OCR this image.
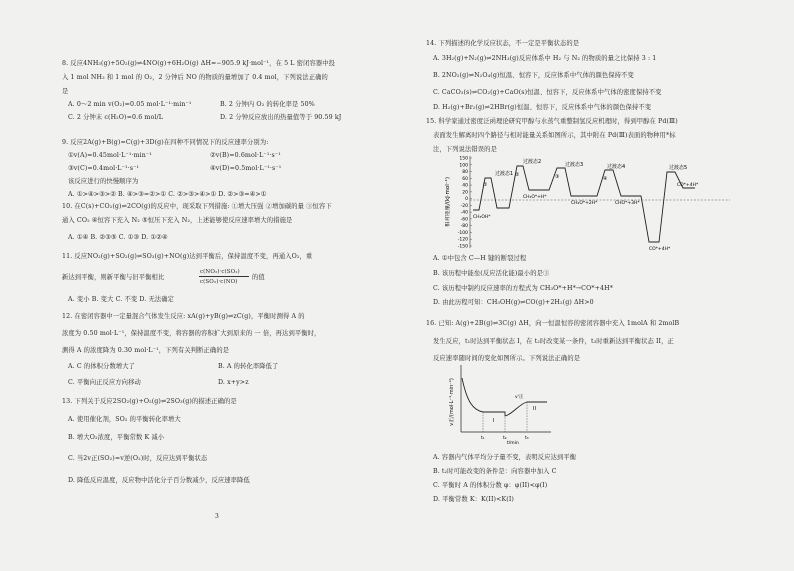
8. 反应4NH₃(g)+5O₂(g)⇌4NO(g)+6H₂O(g) ΔH=−905.9 kJ·mol⁻¹，在 5 L 密闭容器中投
入 1 mol NH₃ 和 1 mol 的 O₂，2 分钟后 NO 的物质的量增加了 0.4 mol，下列说法正确的
是
A. 0～2 min v(O₂)=0.05 mol·L⁻¹·min⁻¹	B. 2 分钟内 O₂ 的转化率是 50%
C. 2 分钟末 c(H₂O)=0.6 mol/L	D. 2 分钟反应放出的热量值等于 90.59 kJ
9. 反应2A(g)+B(g)=C(g)+3D(g)在四种不同情况下的反应速率分别为:
①v(A)=0.45mol·L⁻¹·min⁻¹	②v(B)=0.6mol·L⁻¹·s⁻¹
③v(C)=0.4mol·L⁻¹·s⁻¹	④v(D)=0.5mol·L⁻¹·s⁻¹
该反应进行的快慢顺序为
A. ①>④>③>② B. ④>③=②>① C. ②>③>④>① D. ②>③=④>①
10. 在C(s)+CO₂(g)⇌2CO(g)的反应中，现采取下列措施: ①增大压强 ②增加碳的量 ③恒容下
通入 CO₂ ④恒容下充入 N₂ ⑤恒压下充入 N₂，上述能够使反应速率增大的措施是
A. ①④ B. ②③⑤ C. ①③ D. ①②④
11. 反应NO₂(g)+SO₂(g)⇌SO₃(g)+NO(g)达到平衡后，保持温度不变，再通入O₂，重
新达到平衡，则新平衡与旧平衡相比
c(NO₂)·c(SO₂)
c(SO₃)·c(NO)
的值
A. 变小 B. 变大 C. 不变 D. 无法确定
12. 在密闭容器中一定量混合气体发生反应: xA(g)+yB(g)⇌zC(g)，平衡时测得 A 的
浓度为 0.50 mol·L⁻¹，保持温度不变，将容器的容积扩大到原来的 一 倍，再达到平衡时，
测得 A 的浓度降为 0.30 mol·L⁻¹，下列有关判断正确的是
A. C 的体积分数增大了	B. A 的转化率降低了
C. 平衡向正反应方向移动	D. x+y>z
13. 下列关于反应2SO₂(g)+O₂(g)⇌2SO₃(g)的描述正确的是
A. 使用催化剂，SO₂ 的平衡转化率增大
B. 增大O₂浓度，平衡常数 K 减小
C. 当2v正(SO₂)=v逆(O₂)时，反应达到平衡状态
D. 降低反应温度，反应物中活化分子百分数减少，反应速率降低
3
14. 下列描述的化学反应状态，不一定是平衡状态的是
A. 3H₂(g)+N₂(g)⇌2NH₃(g)反应体系中 H₂ 与 N₂ 的物质的量之比保持 3 : 1
B. 2NO₂(g)⇌N₂O₄(g)恒温、恒容下，反应体系中气体的颜色保持不变
C. CaCO₃(s)⇌CO₂(g)+CaO(s)恒温、恒容下，反应体系中气体的密度保持不变
D. H₂(g)+Br₂(g)⇌2HBr(g)恒温、恒容下，反应体系中气体的颜色保持不变
15. 科学家通过密度泛函理论研究甲醇与水蒸气重整制氢反应机理时，得到甲醇在 Pd(Ⅲ)
表面发生解离时四个路径与相对能量关系如图所示，其中附在 Pd(Ⅲ)表面的物种用*标
注，下列说法错误的是
相对能量/(kJ·mol⁻¹)
150
100
80
60
40
20
0
-20
-40
-60
-80
-100
-120
-150
过渡态1
过渡态2	过渡态3	过渡态4	过渡态5
CH₃OH*
CH₃O*+H*
CH₂O*+2H*	CHO*+3H*
CO*+4H*
CO*+4H*
①
②	③	④
A. ①中包含 C—H 键的断裂过程
B. 该历程中能垒(反应活化能)最小的是③
C. 该历程中制约反应速率的方程式为 CH₃O*+H*→CO*+4H*
D. 由此历程可知：CH₃OH(g)⇌CO(g)+2H₂(g) ΔH>0
16. 已知: A(g)+2B(g)⇌3C(g) ΔH，向一恒温恒容的密闭容器中充入 1molA 和 2molB
发生反应，t₁时达到平衡状态 I，在 t₂时改变某一条件，t₃时重新达到平衡状态 II，正
反应速率随时间的变化如图所示。下列说法正确的是
v正/(mol·L⁻¹·min⁻¹)	I
II
v'正
t₁	t₂	t₃
t/min
A. 容器内气体平均分子量不变，表明反应达到平衡
B. t₂时可能改变的条件是：向容器中加入 C
C. 平衡时 A 的体积分数 φ：φ(II)<φ(I)
D. 平衡常数 K：K(II)<K(I)
